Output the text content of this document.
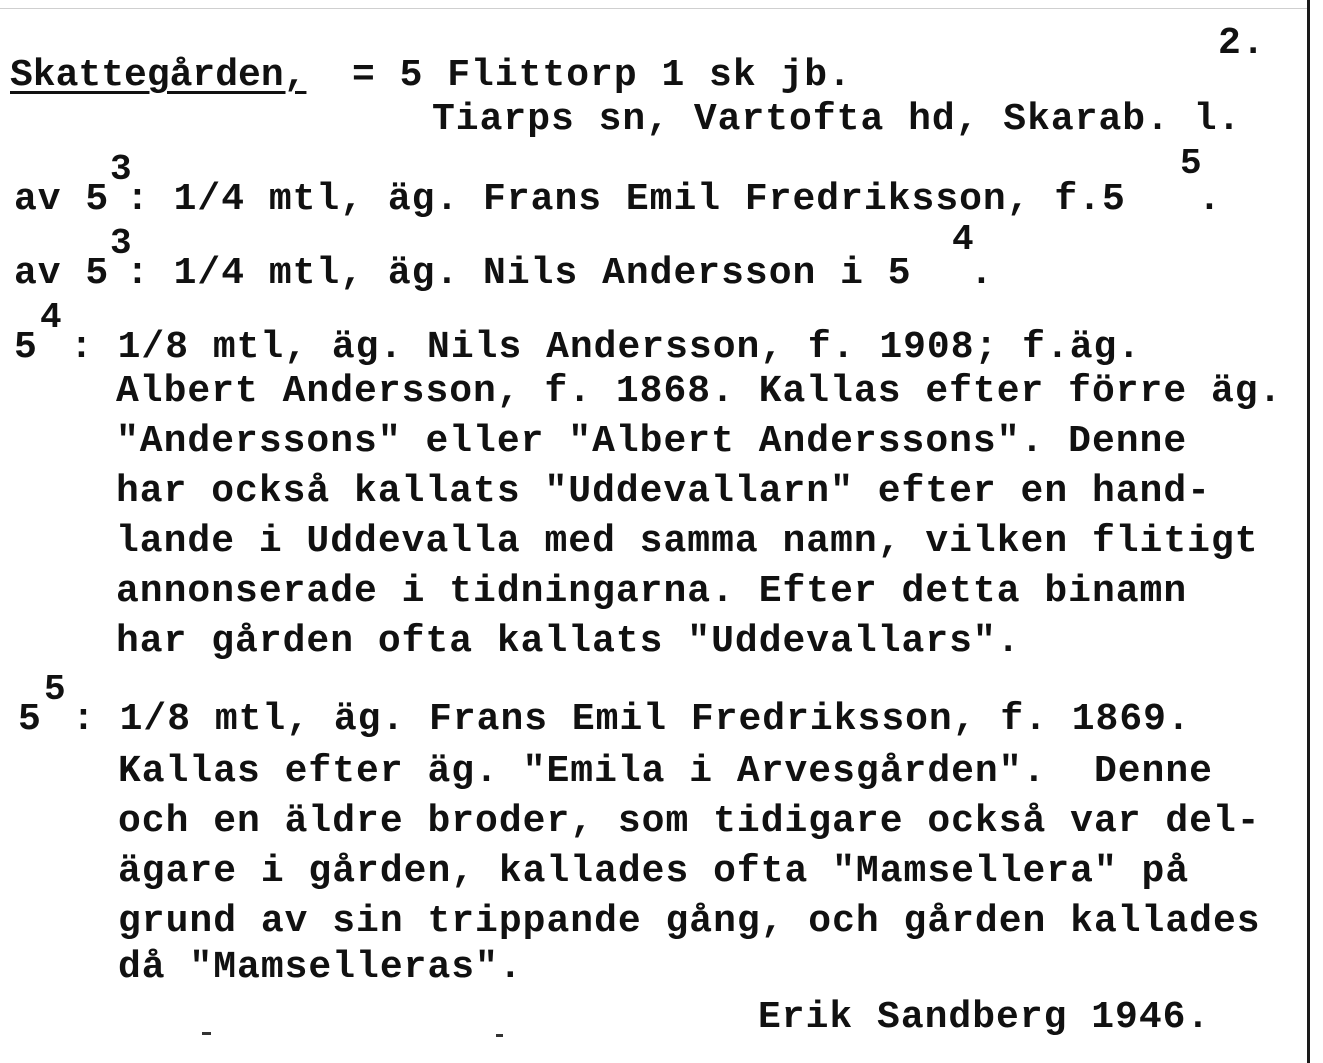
2.
Skattegården, = 5 Flittorp 1 sk jb.
Tiarps sn, Vartofta hd, Skarab. l.
av 5
3
: 1/4 mtl, äg. Frans Emil Fredriksson, f.5
5
.
av 5
3
: 1/4 mtl, äg. Nils Andersson i 5
4
.
5
4
: 1/8 mtl, äg. Nils Andersson, f. 1908; f.äg.
Albert Andersson, f. 1868. Kallas efter förre äg.
"Anderssons" eller "Albert Anderssons". Denne
har också kallats "Uddevallarn" efter en hand-
lande i Uddevalla med samma namn, vilken flitigt
annonserade i tidningarna. Efter detta binamn
har gården ofta kallats "Uddevallars".
5
5
: 1/8 mtl, äg. Frans Emil Fredriksson, f. 1869.
Kallas efter äg. "Emila i Arvesgården".  Denne
och en äldre broder, som tidigare också var del-
ägare i gården, kallades ofta "Mamsellera" på
grund av sin trippande gång, och gården kallades
då "Mamselleras".
Erik Sandberg 1946.
